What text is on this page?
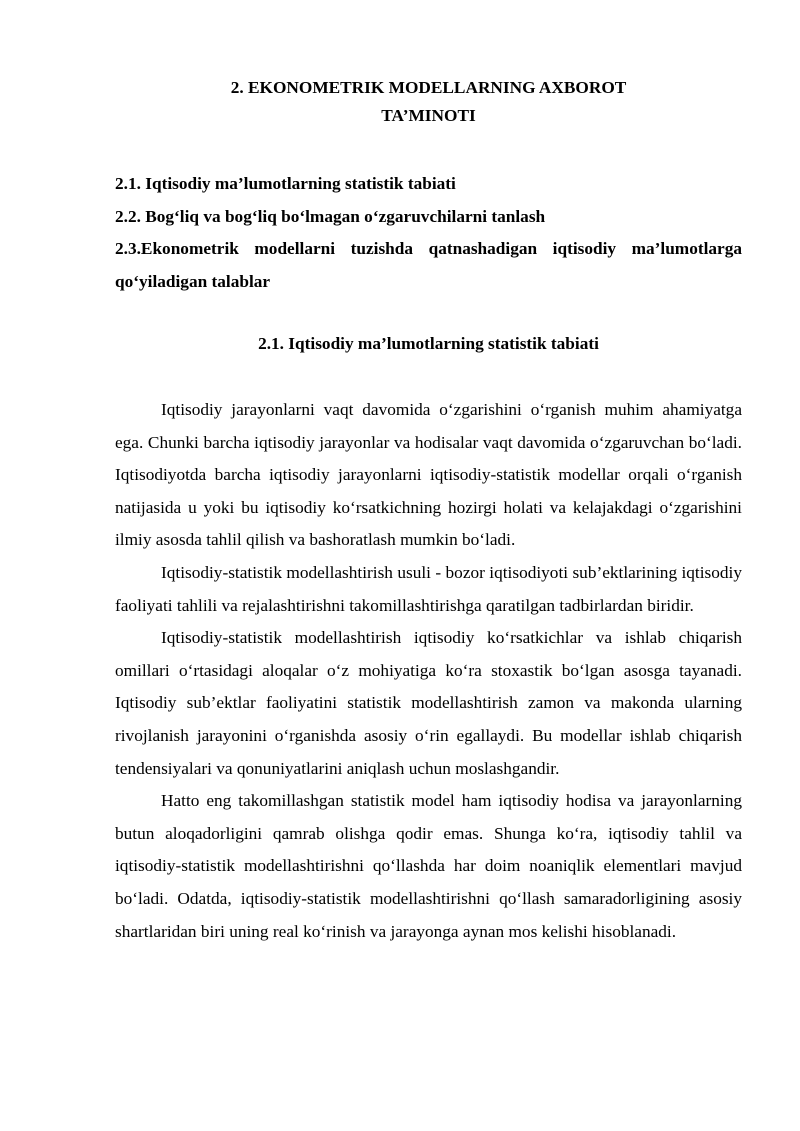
2. EKONOMETRIK MODELLARNING AXBOROT
TA’MINOTI

2.1. Iqtisodiy ma’lumotlarning statistik tabiati

2.2. Bog‘liq va bog‘liq bo‘lmagan o‘zgaruvchilarni tanlash

2.3.Ekonometrik modellarni tuzishda qatnashadigan iqtisodiy ma’lumotlarga qo‘yiladigan talablar

2.1. Iqtisodiy ma’lumotlarning statistik tabiati

Iqtisodiy jarayonlarni vaqt davomida o‘zgarishini o‘rganish muhim ahamiyatga ega. Chunki barcha iqtisodiy jarayonlar va hodisalar vaqt davomida o‘zgaruvchan bo‘ladi. Iqtisodiyotda barcha iqtisodiy jarayonlarni iqtisodiy-statistik modellar orqali o‘rganish natijasida u yoki bu iqtisodiy ko‘rsatkichning hozirgi holati va kelajakdagi o‘zgarishini ilmiy asosda tahlil qilish va bashoratlash mumkin bo‘ladi.

Iqtisodiy-statistik modellashtirish usuli - bozor iqtisodiyoti sub’ektlarining iqtisodiy faoliyati tahlili va rejalashtirishni takomillashtirishga qaratilgan tadbirlardan biridir.

Iqtisodiy-statistik modellashtirish iqtisodiy ko‘rsatkichlar va ishlab chiqarish omillari o‘rtasidagi aloqalar o‘z mohiyatiga ko‘ra stoxastik bo‘lgan asosga tayanadi. Iqtisodiy sub’ektlar faoliyatini statistik modellashtirish zamon va makonda ularning rivojlanish jarayonini o‘rganishda asosiy o‘rin egallaydi. Bu modellar ishlab chiqarish tendensiyalari va qonuniyatlarini aniqlash uchun moslashgandir.

Hatto eng takomillashgan statistik model ham iqtisodiy hodisa va jarayonlarning butun aloqadorligini qamrab olishga qodir emas. Shunga ko‘ra, iqtisodiy tahlil va iqtisodiy-statistik modellashtirishni qo‘llashda har doim noaniqlik elementlari mavjud bo‘ladi. Odatda, iqtisodiy-statistik modellashtirishni qo‘llash samaradorligining asosiy shartlaridan biri uning real ko‘rinish va jarayonga aynan mos kelishi hisoblanadi.
